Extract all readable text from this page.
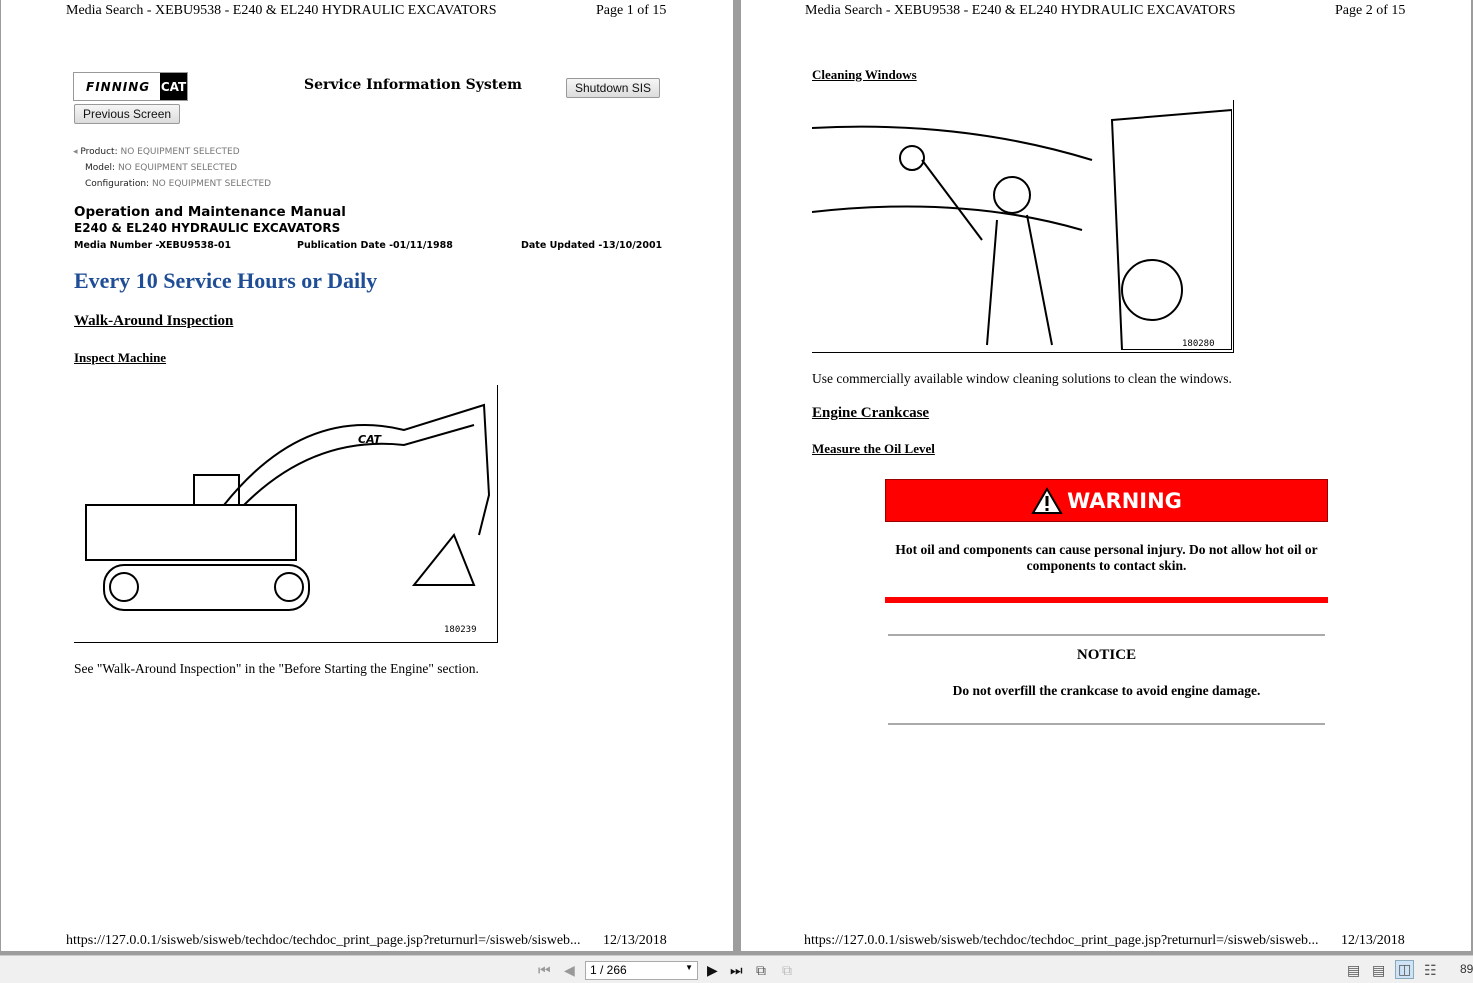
Media Search - XEBU9538 - E240 & EL240 HYDRAULIC EXCAVATORS	Page 1 of 15
FINNING CAT	Service Information System	Shutdown SIS
Previous Screen
◂ Product: NO EQUIPMENT SELECTED
Model: NO EQUIPMENT SELECTED
Configuration: NO EQUIPMENT SELECTED
Operation and Maintenance Manual
E240 & EL240 HYDRAULIC EXCAVATORS
Media Number -XEBU9538-01	Publication Date -01/11/1988	Date Updated -13/10/2001
Every 10 Service Hours or Daily
Walk-Around Inspection
Inspect Machine
CAT
180239
See "Walk-Around Inspection" in the "Before Starting the Engine" section.
https://127.0.0.1/sisweb/sisweb/techdoc/techdoc_print_page.jsp?returnurl=/sisweb/sisweb... 12/13/2018
Media Search - XEBU9538 - E240 & EL240 HYDRAULIC EXCAVATORS	Page 2 of 15
Cleaning Windows
180280
Use commercially available window cleaning solutions to clean the windows.
Engine Crankcase
Measure the Oil Level
WARNING
Hot oil and components can cause personal injury. Do not allow hot oil or components to contact skin.
NOTICE
Do not overfill the crankcase to avoid engine damage.
https://127.0.0.1/sisweb/sisweb/techdoc/techdoc_print_page.jsp?returnurl=/sisweb/sisweb... 12/13/2018
⏮ ◀	1 / 266	▼ ▶ ⏭ ⧉ ⧉	▤ ▤ ◫ ☷ 89
